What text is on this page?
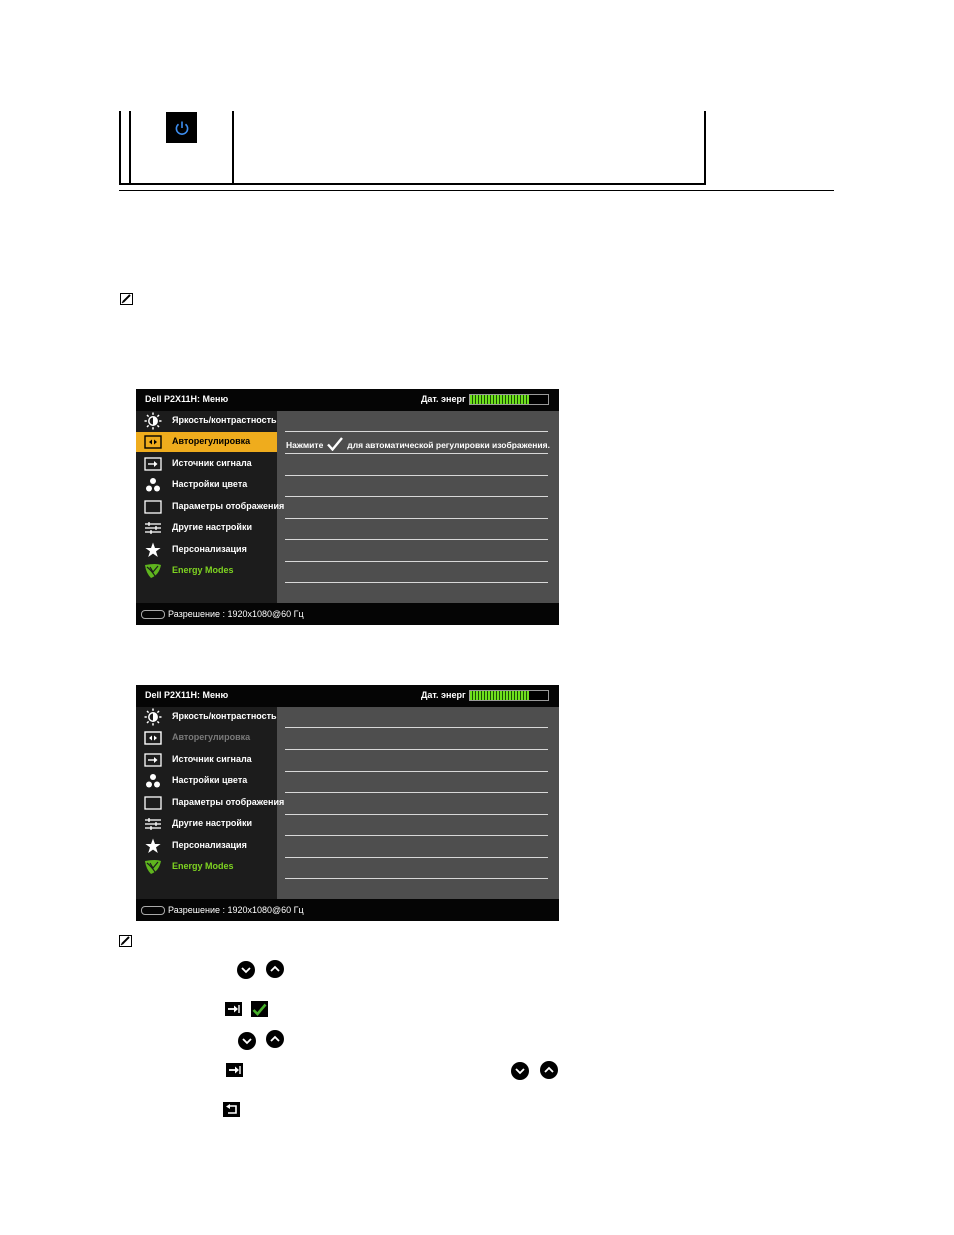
Dell P2X11H: Меню	Дат. энерг
Яркость/контрастность
Авторегулировка
Источник сигнала
Настройки цвета
Параметры отображения
Другие настройки
Персонализация
Energy Modes
Нажмите	для автоматической регулировки изображения.
Разрешение : 1920x1080@60 Гц
Dell P2X11H: Меню	Дат. энерг
Яркость/контрастность
Авторегулировка
Источник сигнала
Настройки цвета
Параметры отображения
Другие настройки
Персонализация
Energy Modes
Разрешение : 1920x1080@60 Гц
